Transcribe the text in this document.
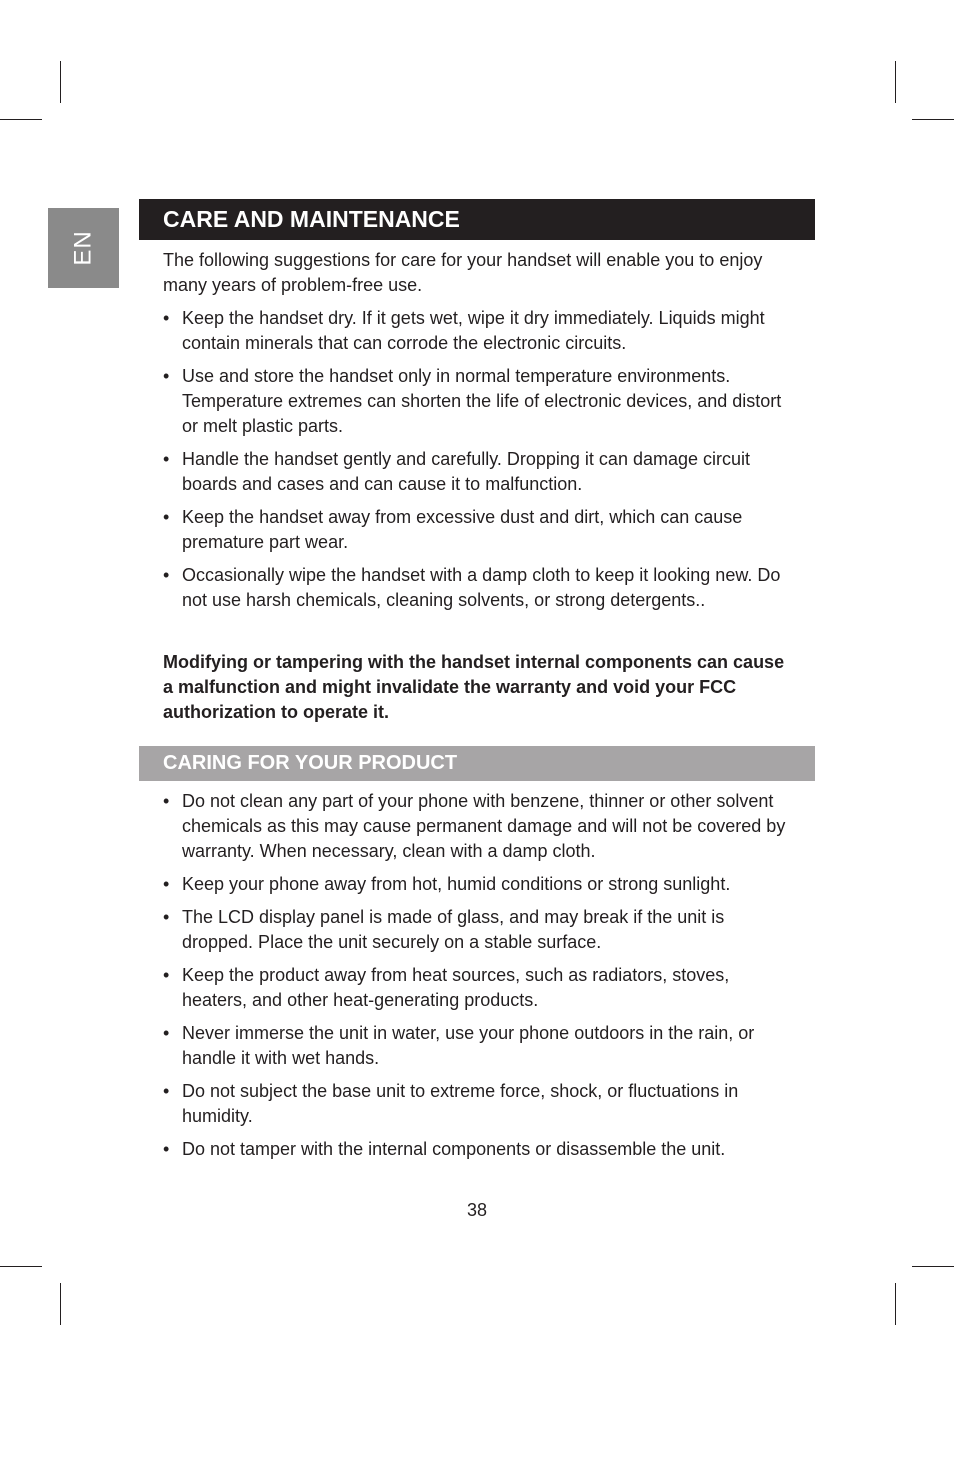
EN
CARE AND MAINTENANCE

The following suggestions for care for your handset will enable you to enjoy many years of problem-free use.

• Keep the handset dry. If it gets wet, wipe it dry immediately. Liquids might contain minerals that can corrode the electronic circuits.
• Use and store the handset only in normal temperature environments. Temperature extremes can shorten the life of electronic devices, and distort or melt plastic parts.
• Handle the handset gently and carefully. Dropping it can damage circuit boards and cases and can cause it to malfunction.
• Keep the handset away from excessive dust and dirt, which can cause premature part wear.
• Occasionally wipe the handset with a damp cloth to keep it looking new. Do not use harsh chemicals, cleaning solvents, or strong detergents..

Modifying or tampering with the handset internal components can cause a malfunction and might invalidate the warranty and void your FCC authorization to operate it.

CARING FOR YOUR PRODUCT
• Do not clean any part of your phone with benzene, thinner or other solvent chemicals as this may cause permanent damage and will not be covered by warranty. When necessary, clean with a damp cloth.
• Keep your phone away from hot, humid conditions or strong sunlight.
• The LCD display panel is made of glass, and may break if the unit is dropped. Place the unit securely on a stable surface.
• Keep the product away from heat sources, such as radiators, stoves, heaters, and other heat-generating products.
• Never immerse the unit in water, use your phone outdoors in the rain, or handle it with wet hands.
• Do not subject the base unit to extreme force, shock, or fluctuations in humidity.
• Do not tamper with the internal components or disassemble the unit.
38
